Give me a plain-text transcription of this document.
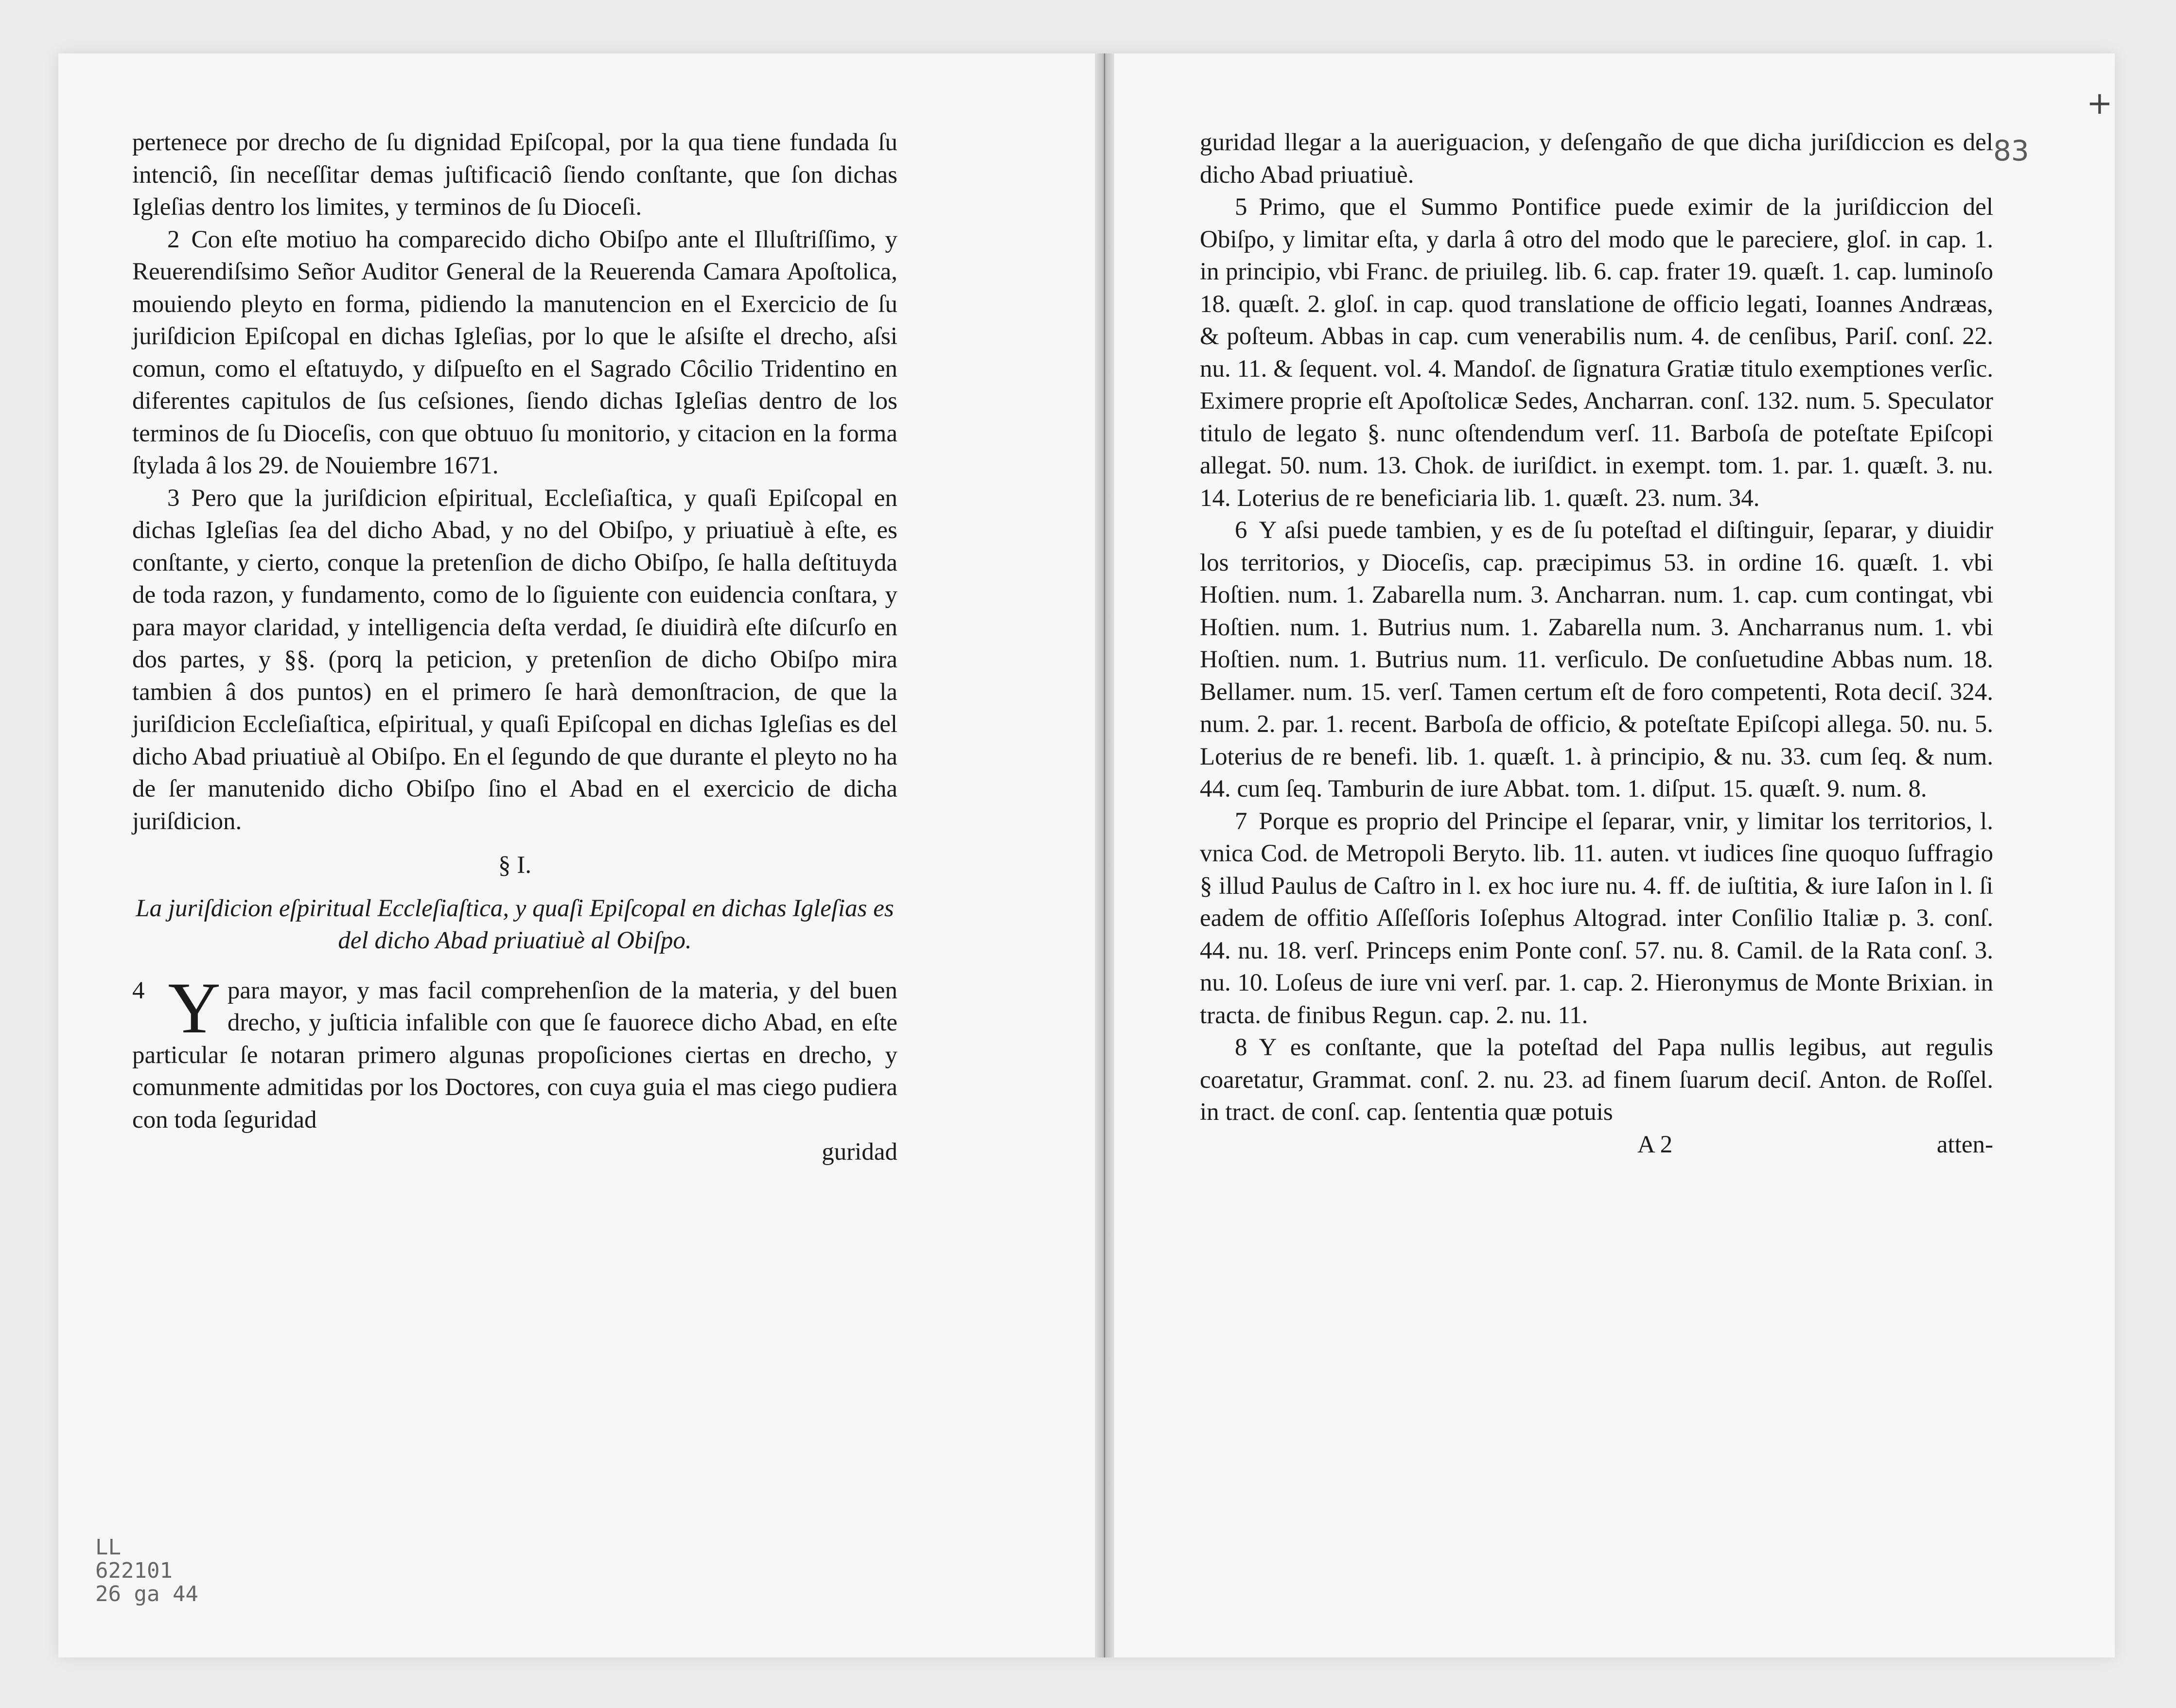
+
83
LL
622101
26 ga 44

pertenece por drecho de ſu dignidad Epiſcopal, por la qua tiene fundada ſu intenciô, ſin neceſſitar demas juſtificaciô ſiendo conſtante, que ſon dichas Igleſias dentro los limites, y terminos de ſu Dioceſi.

2 Con eſte motiuo ha comparecido dicho Obiſpo ante el Illuſtriſſimo, y Reuerendiſsimo Señor Auditor General de la Reuerenda Camara Apoſtolica, mouiendo pleyto en forma, pidiendo la manutencion en el Exercicio de ſu juriſdicion Epiſcopal en dichas Igleſias, por lo que le aſsiſte el drecho, aſsi comun, como el eſtatuydo, y diſpueſto en el Sagrado Côcilio Tridentino en diferentes capitulos de ſus ceſsiones, ſiendo dichas Igleſias dentro de los terminos de ſu Dioceſis, con que obtuuo ſu monitorio, y citacion en la forma ſtylada â los 29. de Nouiembre 1671.

3 Pero que la juriſdicion eſpiritual, Eccleſiaſtica, y quaſi Epiſcopal en dichas Igleſias ſea del dicho Abad, y no del Obiſpo, y priuatiuè à eſte, es conſtante, y cierto, conque la pretenſion de dicho Obiſpo, ſe halla deſtituyda de toda razon, y fundamento, como de lo ſiguiente con euidencia conſtara, y para mayor claridad, y intelligencia deſta verdad, ſe diuidirà eſte diſcurſo en dos partes, y §§. (porq la peticion, y pretenſion de dicho Obiſpo mira tambien â dos puntos) en el primero ſe harà demonſtracion, de que la juriſdicion Eccleſiaſtica, eſpiritual, y quaſi Epiſcopal en dichas Igleſias es del dicho Abad priuatiuè al Obiſpo. En el ſegundo de que durante el pleyto no ha de ſer manutenido dicho Obiſpo ſino el Abad en el exercicio de dicha juriſdicion.

§ I.

La juriſdicion eſpiritual Eccleſiaſtica, y quaſi Epiſcopal en dichas Igleſias es del dicho Abad priuatiuè al Obiſpo.

4 Y para mayor, y mas facil comprehenſion de la materia, y del buen drecho, y juſticia infalible con que ſe fauorece dicho Abad, en eſte particular ſe notaran primero algunas propoſiciones ciertas en drecho, y comunmente admitidas por los Doctores, con cuya guia el mas ciego pudiera con toda ſeguridad

guridad

guridad llegar a la aueriguacion, y deſengaño de que dicha juriſdiccion es del dicho Abad priuatiuè.

5 Primo, que el Summo Pontifice puede eximir de la juriſdiccion del Obiſpo, y limitar eſta, y darla â otro del modo que le pareciere, gloſ. in cap. 1. in principio, vbi Franc. de priuileg. lib. 6. cap. frater 19. quæſt. 1. cap. luminoſo 18. quæſt. 2. gloſ. in cap. quod translatione de officio legati, Ioannes Andræas, & poſteum. Abbas in cap. cum venerabilis num. 4. de cenſibus, Pariſ. conſ. 22. nu. 11. & ſequent. vol. 4. Mandoſ. de ſignatura Gratiæ titulo exemptiones verſic. Eximere proprie eſt Apoſtolicæ Sedes, Ancharran. conſ. 132. num. 5. Speculator titulo de legato §. nunc oſtendendum verſ. 11. Barboſa de poteſtate Epiſcopi allegat. 50. num. 13. Chok. de iuriſdict. in exempt. tom. 1. par. 1. quæſt. 3. nu. 14. Loterius de re beneficiaria lib. 1. quæſt. 23. num. 34.

6 Y aſsi puede tambien, y es de ſu poteſtad el diſtinguir, ſeparar, y diuidir los territorios, y Dioceſis, cap. præcipimus 53. in ordine 16. quæſt. 1. vbi Hoſtien. num. 1. Zabarella num. 3. Ancharran. num. 1. cap. cum contingat, vbi Hoſtien. num. 1. Butrius num. 1. Zabarella num. 3. Ancharranus num. 1. vbi Hoſtien. num. 1. Butrius num. 11. verſiculo. De conſuetudine Abbas num. 18. Bellamer. num. 15. verſ. Tamen certum eſt de foro competenti, Rota deciſ. 324. num. 2. par. 1. recent. Barboſa de officio, & poteſtate Epiſcopi allega. 50. nu. 5. Loterius de re benefi. lib. 1. quæſt. 1. à principio, & nu. 33. cum ſeq. & num. 44. cum ſeq. Tamburin de iure Abbat. tom. 1. diſput. 15. quæſt. 9. num. 8.

7 Porque es proprio del Principe el ſeparar, vnir, y limitar los territorios, l. vnica Cod. de Metropoli Beryto. lib. 11. auten. vt iudices ſine quoquo ſuffragio § illud Paulus de Caſtro in l. ex hoc iure nu. 4. ff. de iuſtitia, & iure Iaſon in l. ſi eadem de offitio Aſſeſſoris Ioſephus Altograd. inter Conſilio Italiæ p. 3. conſ. 44. nu. 18. verſ. Princeps enim Ponte conſ. 57. nu. 8. Camil. de la Rata conſ. 3. nu. 10. Loſeus de iure vni verſ. par. 1. cap. 2. Hieronymus de Monte Brixian. in tracta. de finibus Regun. cap. 2. nu. 11.

8 Y es conſtante, que la poteſtad del Papa nullis legibus, aut regulis coaretatur, Grammat. conſ. 2. nu. 23. ad finem ſuarum deciſ. Anton. de Roſſel. in tract. de conſ. cap. ſententia quæ potuis

A 2	atten-
